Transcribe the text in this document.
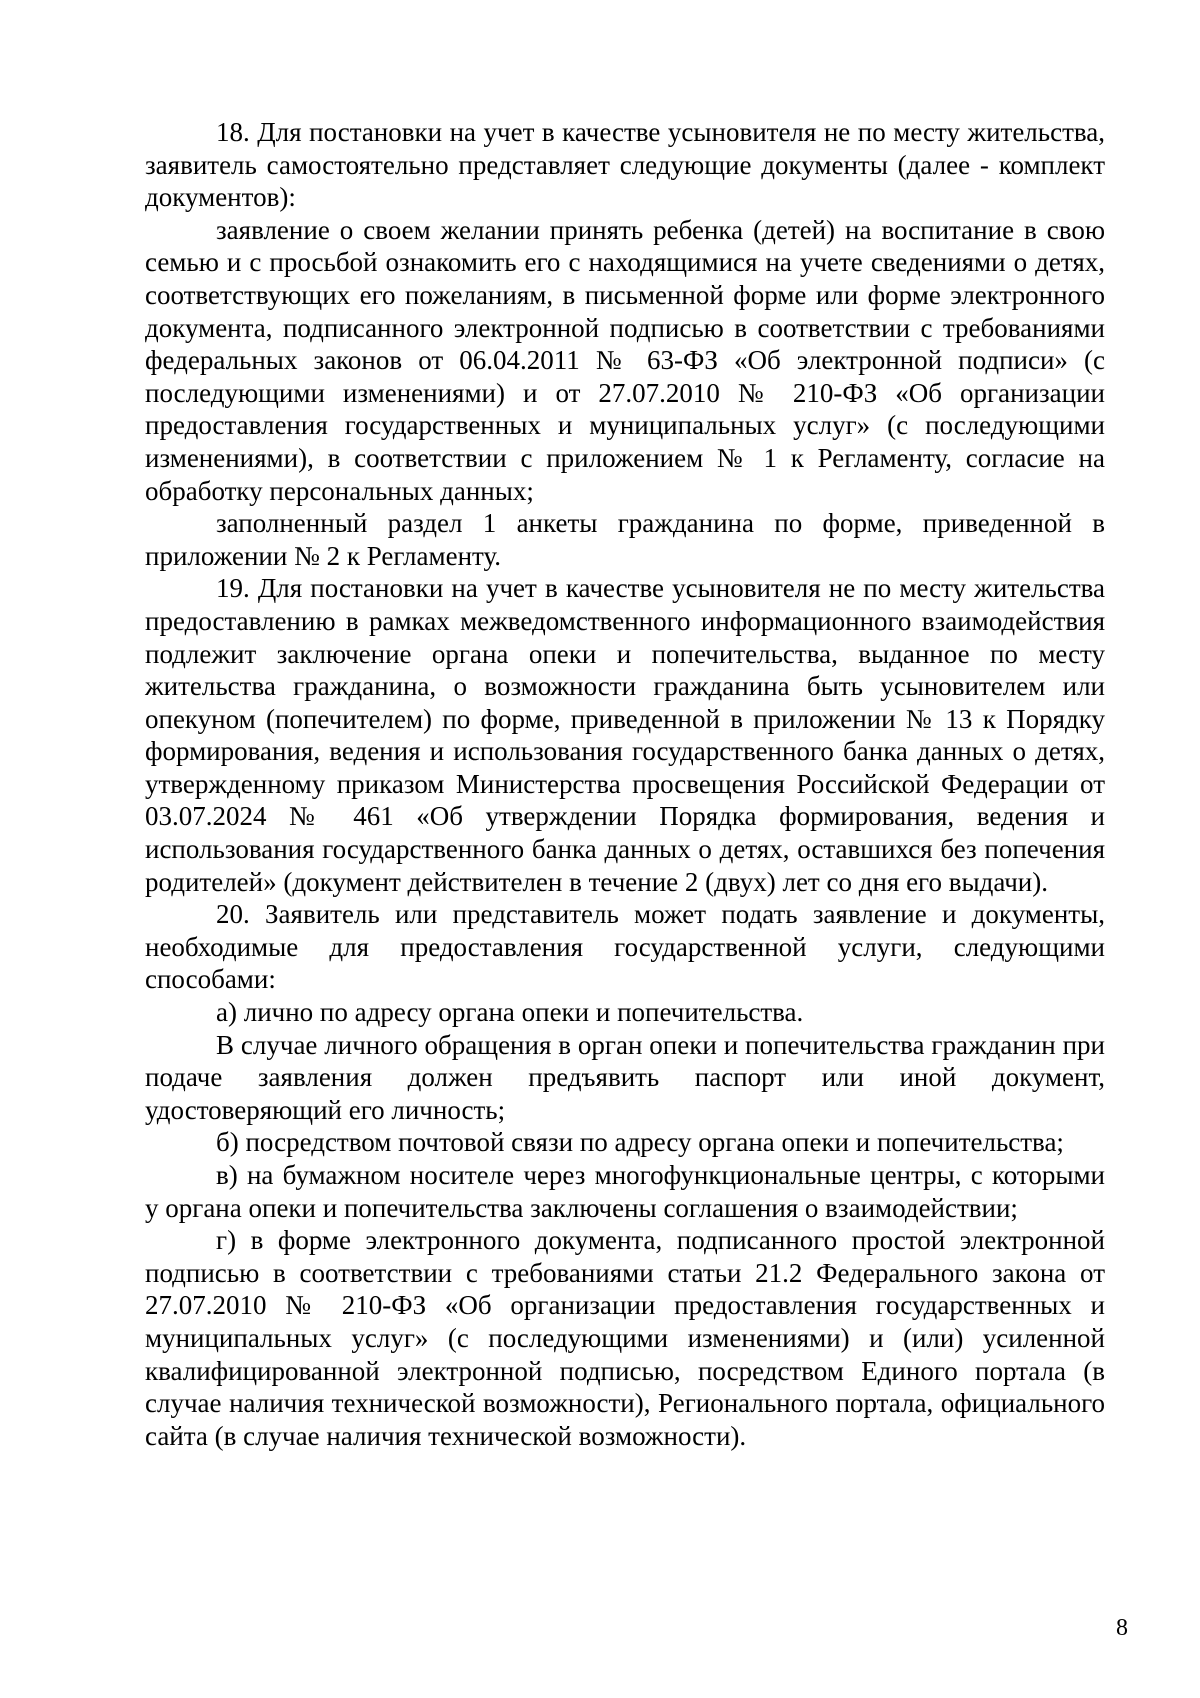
18. Для постановки на учет в качестве усыновителя не по месту жительства, заявитель самостоятельно представляет следующие документы (далее - комплект документов):

заявление о своем желании принять ребенка (детей) на воспитание в свою семью и с просьбой ознакомить его с находящимися на учете сведениями о детях, соответствующих его пожеланиям, в письменной форме или форме электронного документа, подписанного электронной подписью в соответствии с требованиями федеральных законов от 06.04.2011 № 63-ФЗ «Об электронной подписи» (с последующими изменениями) и от 27.07.2010 № 210-ФЗ «Об организации предоставления государственных и муниципальных услуг» (с последующими изменениями), в соответствии с приложением № 1 к Регламенту, согласие на обработку персональных данных;

заполненный раздел 1 анкеты гражданина по форме, приведенной в приложении № 2 к Регламенту.

19. Для постановки на учет в качестве усыновителя не по месту жительства предоставлению в рамках межведомственного информационного взаимодействия подлежит заключение органа опеки и попечительства, выданное по месту жительства гражданина, о возможности гражданина быть усыновителем или опекуном (попечителем) по форме, приведенной в приложении № 13 к Порядку формирования, ведения и использования государственного банка данных о детях, утвержденному приказом Министерства просвещения Российской Федерации от 03.07.2024 № 461 «Об утверждении Порядка формирования, ведения и использования государственного банка данных о детях, оставшихся без попечения родителей» (документ действителен в течение 2 (двух) лет со дня его выдачи).

20. Заявитель или представитель может подать заявление и документы, необходимые для предоставления государственной услуги, следующими способами:

а) лично по адресу органа опеки и попечительства.

В случае личного обращения в орган опеки и попечительства гражданин при подаче заявления должен предъявить паспорт или иной документ, удостоверяющий его личность;

б) посредством почтовой связи по адресу органа опеки и попечительства;

в) на бумажном носителе через многофункциональные центры, с которыми у органа опеки и попечительства заключены соглашения о взаимодействии;

г) в форме электронного документа, подписанного простой электронной подписью в соответствии с требованиями статьи 21.2 Федерального закона от 27.07.2010 № 210-ФЗ «Об организации предоставления государственных и муниципальных услуг» (с последующими изменениями) и (или) усиленной квалифицированной электронной подписью, посредством Единого портала (в случае наличия технической возможности), Регионального портала, официального сайта (в случае наличия технической возможности).

8
